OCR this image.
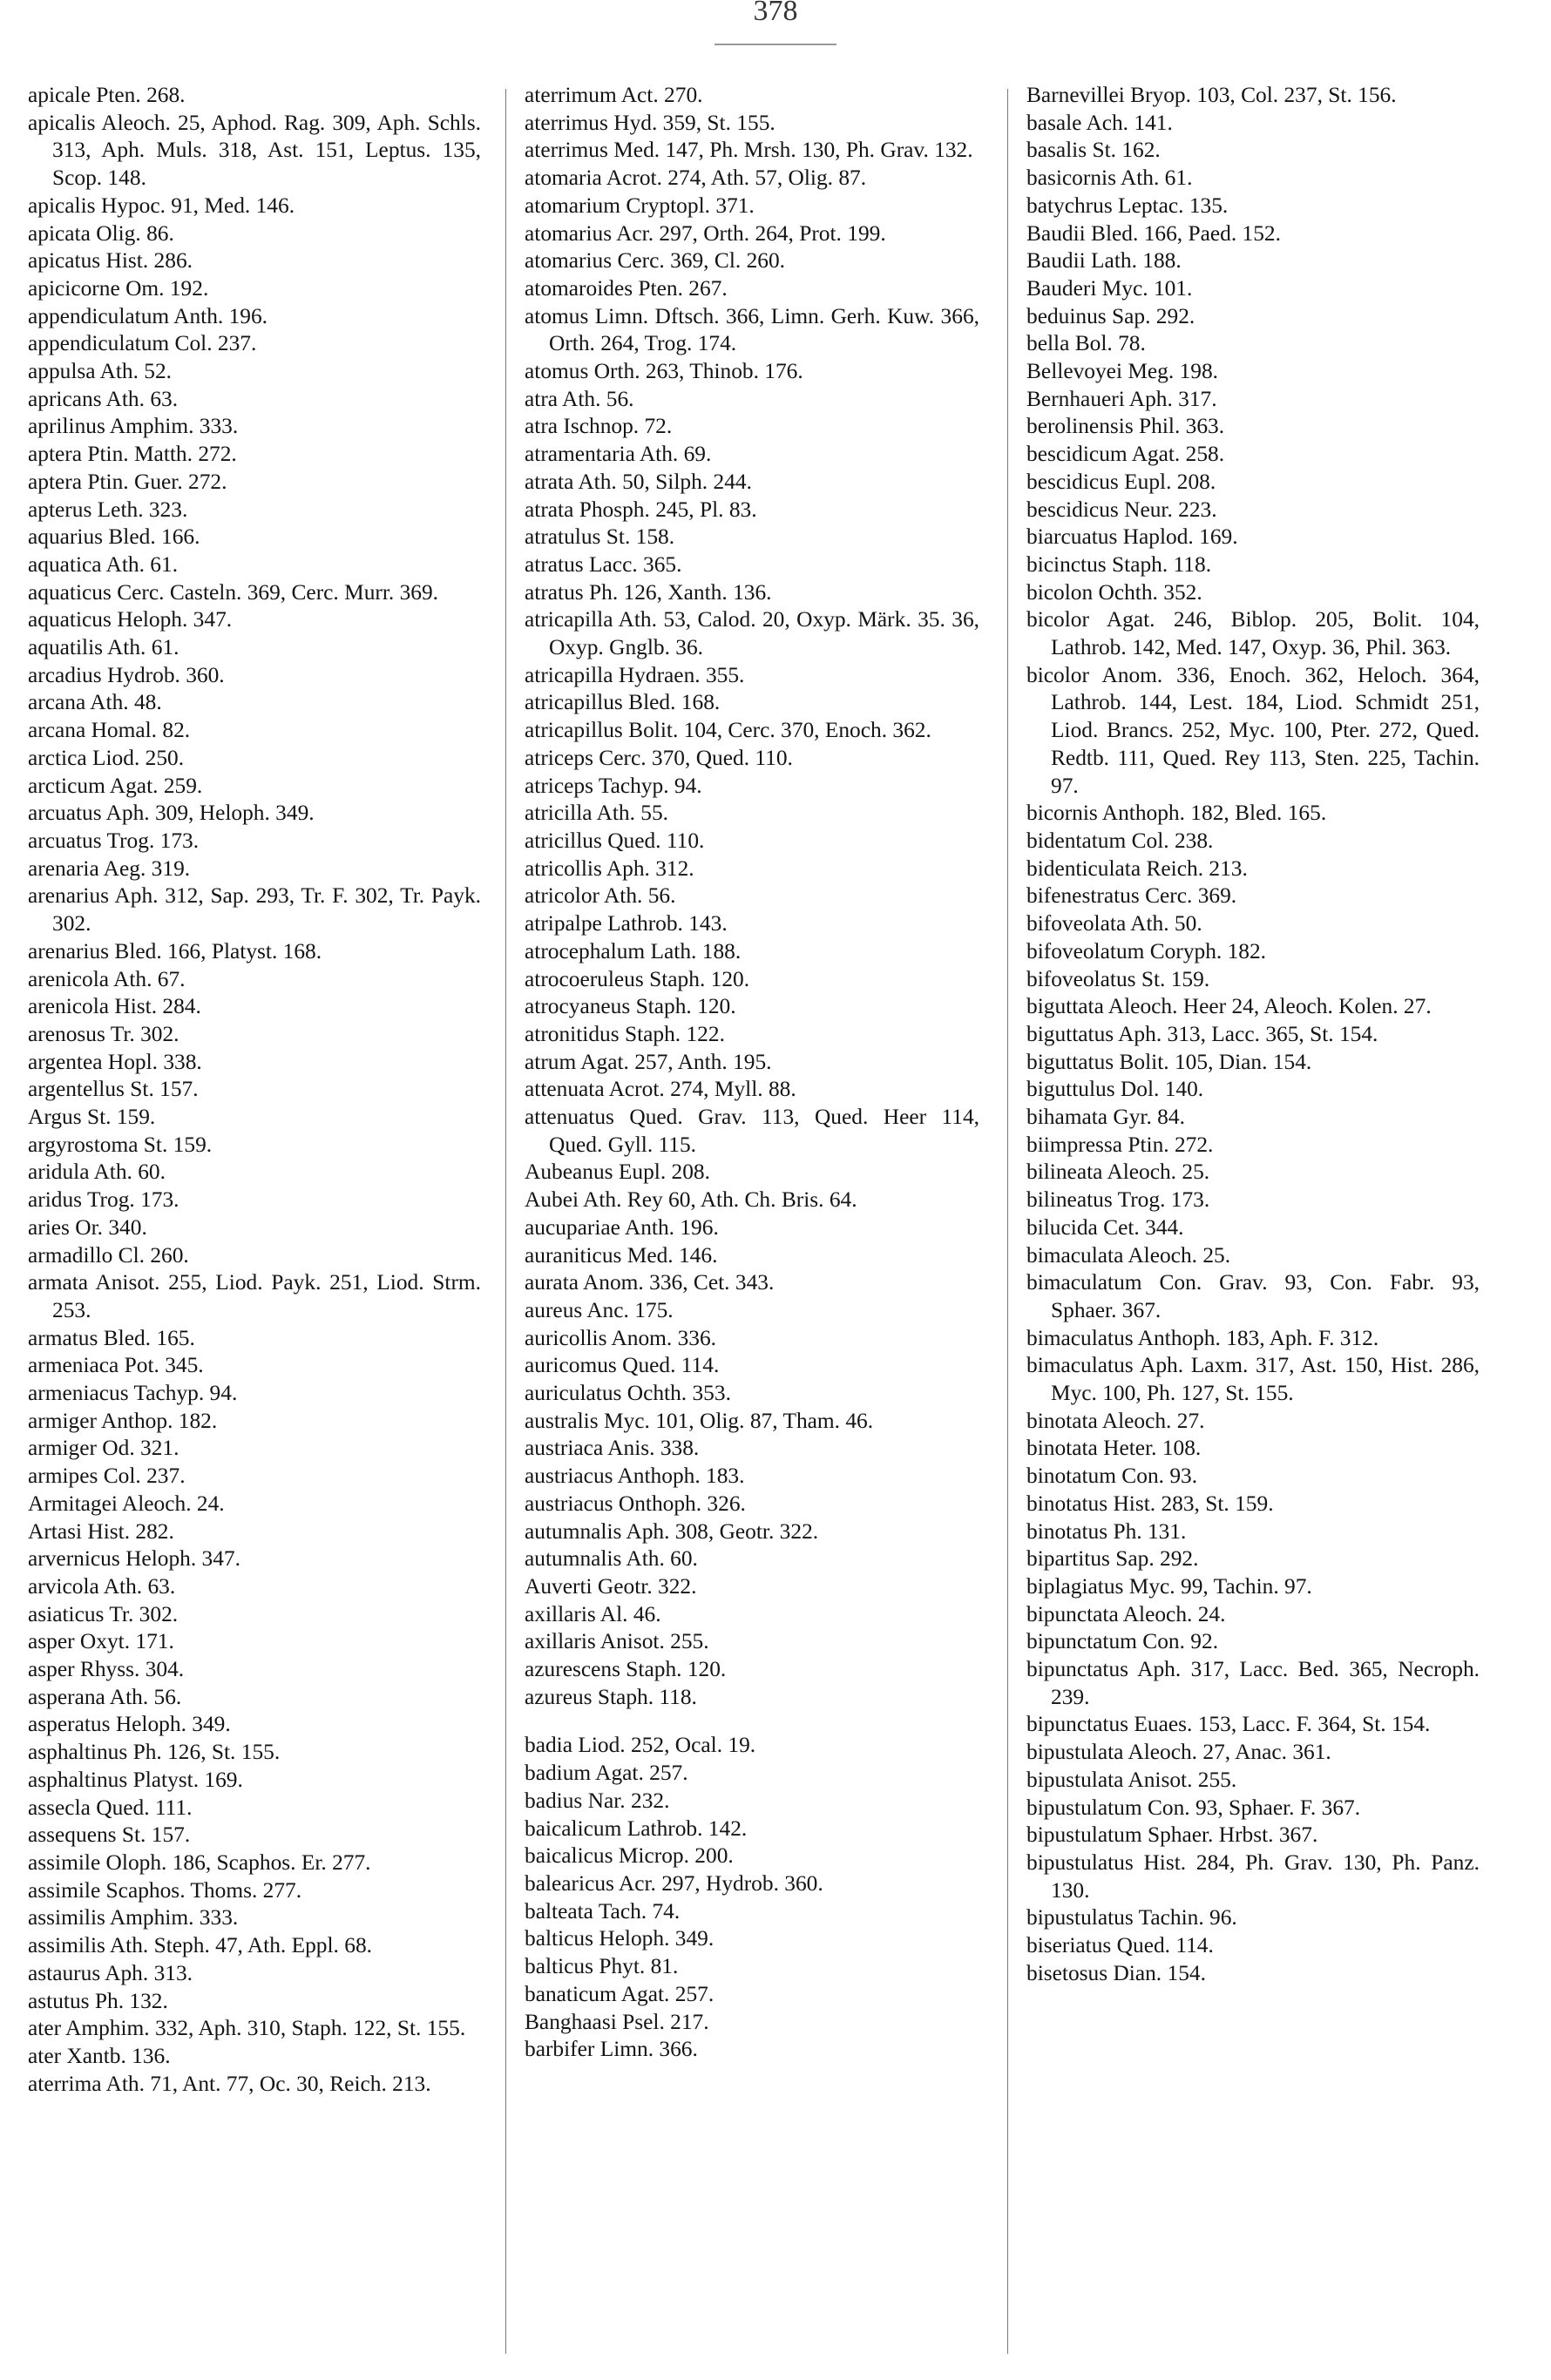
378
apicale Pten. 268.
apicalis Aleoch. 25, Aphod. Rag. 309, Aph. Schls. 313, Aph. Muls. 318, Ast. 151, Leptus. 135, Scop. 148.
apicalis Hypoc. 91, Med. 146.
apicata Olig. 86.
apicatus Hist. 286.
apicicorne Om. 192.
appendiculatum Anth. 196.
appendiculatum Col. 237.
appulsa Ath. 52.
apricans Ath. 63.
aprilinus Amphim. 333.
aptera Ptin. Matth. 272.
aptera Ptin. Guer. 272.
apterus Leth. 323.
aquarius Bled. 166.
aquatica Ath. 61.
aquaticus Cerc. Casteln. 369, Cerc. Murr. 369.
aquaticus Heloph. 347.
aquatilis Ath. 61.
arcadius Hydrob. 360.
arcana Ath. 48.
arcana Homal. 82.
arctica Liod. 250.
arcticum Agat. 259.
arcuatus Aph. 309, Heloph. 349.
arcuatus Trog. 173.
arenaria Aeg. 319.
arenarius Aph. 312, Sap. 293, Tr. F. 302, Tr. Payk. 302.
arenarius Bled. 166, Platyst. 168.
arenicola Ath. 67.
arenicola Hist. 284.
arenosus Tr. 302.
argentea Hopl. 338.
argentellus St. 157.
Argus St. 159.
argyrostoma St. 159.
aridula Ath. 60.
aridus Trog. 173.
aries Or. 340.
armadillo Cl. 260.
armata Anisot. 255, Liod. Payk. 251, Liod. Strm. 253.
armatus Bled. 165.
armeniaca Pot. 345.
armeniacus Tachyp. 94.
armiger Anthop. 182.
armiger Od. 321.
armipes Col. 237.
Armitagei Aleoch. 24.
Artasi Hist. 282.
arvernicus Heloph. 347.
arvicola Ath. 63.
asiaticus Tr. 302.
asper Oxyt. 171.
asper Rhyss. 304.
asperana Ath. 56.
asperatus Heloph. 349.
asphaltinus Ph. 126, St. 155.
asphaltinus Platyst. 169.
assecla Qued. 111.
assequens St. 157.
assimile Oloph. 186, Scaphos. Er. 277.
assimile Scaphos. Thoms. 277.
assimilis Amphim. 333.
assimilis Ath. Steph. 47, Ath. Eppl. 68.
astaurus Aph. 313.
astutus Ph. 132.
ater Amphim. 332, Aph. 310, Staph. 122, St. 155.
ater Xantb. 136.
aterrima Ath. 71, Ant. 77, Oc. 30, Reich. 213.
aterrimum Act. 270.
aterrimus Hyd. 359, St. 155.
aterrimus Med. 147, Ph. Mrsh. 130, Ph. Grav. 132.
atomaria Acrot. 274, Ath. 57, Olig. 87.
atomarium Cryptopl. 371.
atomarius Acr. 297, Orth. 264, Prot. 199.
atomarius Cerc. 369, Cl. 260.
atomaroides Pten. 267.
atomus Limn. Dftsch. 366, Limn. Gerh. Kuw. 366, Orth. 264, Trog. 174.
atomus Orth. 263, Thinob. 176.
atra Ath. 56.
atra Ischnop. 72.
atramentaria Ath. 69.
atrata Ath. 50, Silph. 244.
atrata Phosph. 245, Pl. 83.
atratulus St. 158.
atratus Lacc. 365.
atratus Ph. 126, Xanth. 136.
atricapilla Ath. 53, Calod. 20, Oxyp. Märk. 35. 36, Oxyp. Gnglb. 36.
atricapilla Hydraen. 355.
atricapillus Bled. 168.
atricapillus Bolit. 104, Cerc. 370, Enoch. 362.
atriceps Cerc. 370, Qued. 110.
atriceps Tachyp. 94.
atricilla Ath. 55.
atricillus Qued. 110.
atricollis Aph. 312.
atricolor Ath. 56.
atripalpe Lathrob. 143.
atrocephalum Lath. 188.
atrocoeruleus Staph. 120.
atrocyaneus Staph. 120.
atronitidus Staph. 122.
atrum Agat. 257, Anth. 195.
attenuata Acrot. 274, Myll. 88.
attenuatus Qued. Grav. 113, Qued. Heer 114, Qued. Gyll. 115.
Aubeanus Eupl. 208.
Aubei Ath. Rey 60, Ath. Ch. Bris. 64.
aucupariae Anth. 196.
auraniticus Med. 146.
aurata Anom. 336, Cet. 343.
aureus Anc. 175.
auricollis Anom. 336.
auricomus Qued. 114.
auriculatus Ochth. 353.
australis Myc. 101, Olig. 87, Tham. 46.
austriaca Anis. 338.
austriacus Anthoph. 183.
austriacus Onthoph. 326.
autumnalis Aph. 308, Geotr. 322.
autumnalis Ath. 60.
Auverti Geotr. 322.
axillaris Al. 46.
axillaris Anisot. 255.
azurescens Staph. 120.
azureus Staph. 118.
badia Liod. 252, Ocal. 19.
badium Agat. 257.
badius Nar. 232.
baicalicum Lathrob. 142.
baicalicus Microp. 200.
balearicus Acr. 297, Hydrob. 360.
balteata Tach. 74.
balticus Heloph. 349.
balticus Phyt. 81.
banaticum Agat. 257.
Banghaasi Psel. 217.
barbifer Limn. 366.
Barnevillei Bryop. 103, Col. 237, St. 156.
basale Ach. 141.
basalis St. 162.
basicornis Ath. 61.
batychrus Leptac. 135.
Baudii Bled. 166, Paed. 152.
Baudii Lath. 188.
Bauderi Myc. 101.
beduinus Sap. 292.
bella Bol. 78.
Bellevoyei Meg. 198.
Bernhaueri Aph. 317.
berolinensis Phil. 363.
bescidicum Agat. 258.
bescidicus Eupl. 208.
bescidicus Neur. 223.
biarcuatus Haplod. 169.
bicinctus Staph. 118.
bicolon Ochth. 352.
bicolor Agat. 246, Biblop. 205, Bolit. 104, Lathrob. 142, Med. 147, Oxyp. 36, Phil. 363.
bicolor Anom. 336, Enoch. 362, Heloch. 364, Lathrob. 144, Lest. 184, Liod. Schmidt 251, Liod. Brancs. 252, Myc. 100, Pter. 272, Qued. Redtb. 111, Qued. Rey 113, Sten. 225, Tachin. 97.
bicornis Anthoph. 182, Bled. 165.
bidentatum Col. 238.
bidenticulata Reich. 213.
bifenestratus Cerc. 369.
bifoveolata Ath. 50.
bifoveolatum Coryph. 182.
bifoveolatus St. 159.
biguttata Aleoch. Heer 24, Aleoch. Kolen. 27.
biguttatus Aph. 313, Lacc. 365, St. 154.
biguttatus Bolit. 105, Dian. 154.
biguttulus Dol. 140.
bihamata Gyr. 84.
biimpressa Ptin. 272.
bilineata Aleoch. 25.
bilineatus Trog. 173.
bilucida Cet. 344.
bimaculata Aleoch. 25.
bimaculatum Con. Grav. 93, Con. Fabr. 93, Sphaer. 367.
bimaculatus Anthoph. 183, Aph. F. 312.
bimaculatus Aph. Laxm. 317, Ast. 150, Hist. 286, Myc. 100, Ph. 127, St. 155.
binotata Aleoch. 27.
binotata Heter. 108.
binotatum Con. 93.
binotatus Hist. 283, St. 159.
binotatus Ph. 131.
bipartitus Sap. 292.
biplagiatus Myc. 99, Tachin. 97.
bipunctata Aleoch. 24.
bipunctatum Con. 92.
bipunctatus Aph. 317, Lacc. Bed. 365, Necroph. 239.
bipunctatus Euaes. 153, Lacc. F. 364, St. 154.
bipustulata Aleoch. 27, Anac. 361.
bipustulata Anisot. 255.
bipustulatum Con. 93, Sphaer. F. 367.
bipustulatum Sphaer. Hrbst. 367.
bipustulatus Hist. 284, Ph. Grav. 130, Ph. Panz. 130.
bipustulatus Tachin. 96.
biseriatus Qued. 114.
bisetosus Dian. 154.
